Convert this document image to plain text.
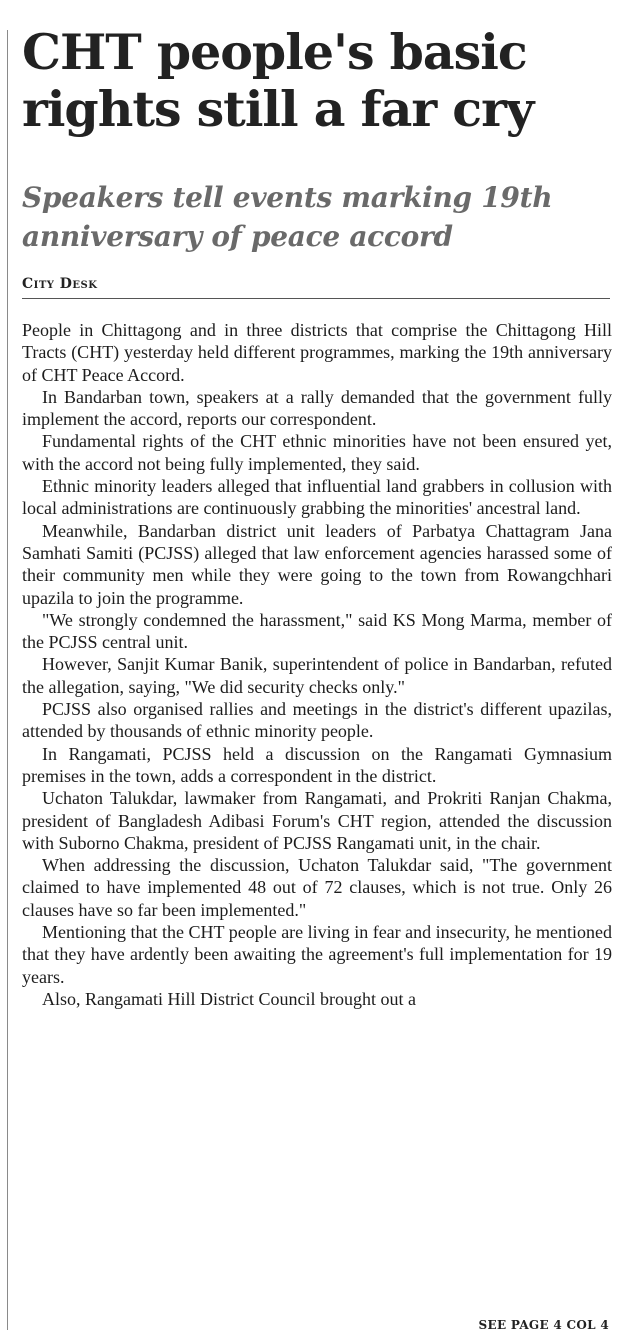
CHT people's basic rights still a far cry
Speakers tell events marking 19th anniversary of peace accord
City Desk

People in Chittagong and in three districts that comprise the Chittagong Hill Tracts (CHT) yesterday held different programmes, marking the 19th anniversary of CHT Peace Accord.

In Bandarban town, speakers at a rally demanded that the government fully implement the accord, reports our correspondent.

Fundamental rights of the CHT ethnic minorities have not been ensured yet, with the accord not being fully implemented, they said.

Ethnic minority leaders alleged that influential land grabbers in collusion with local administrations are continuously grabbing the minorities' ancestral land.

Meanwhile, Bandarban district unit leaders of Parbatya Chattagram Jana Samhati Samiti (PCJSS) alleged that law enforcement agencies harassed some of their community men while they were going to the town from Rowangchhari upazila to join the programme.

"We strongly condemned the harassment," said KS Mong Marma, member of the PCJSS central unit.

However, Sanjit Kumar Banik, superintendent of police in Bandarban, refuted the allegation, saying, "We did security checks only."

PCJSS also organised rallies and meetings in the district's different upazilas, attended by thousands of ethnic minority people.

In Rangamati, PCJSS held a discussion on the Rangamati Gymnasium premises in the town, adds a correspondent in the district.

Uchaton Talukdar, lawmaker from Rangamati, and Prokriti Ranjan Chakma, president of Bangladesh Adibasi Forum's CHT region, attended the discussion with Suborno Chakma, president of PCJSS Rangamati unit, in the chair.

When addressing the discussion, Uchaton Talukdar said, "The government claimed to have implemented 48 out of 72 clauses, which is not true. Only 26 clauses have so far been implemented."

Mentioning that the CHT people are living in fear and insecurity, he mentioned that they have ardently been awaiting the agreement's full implementation for 19 years.

Also, Rangamati Hill District Council brought out a

SEE PAGE 4 COL 4
